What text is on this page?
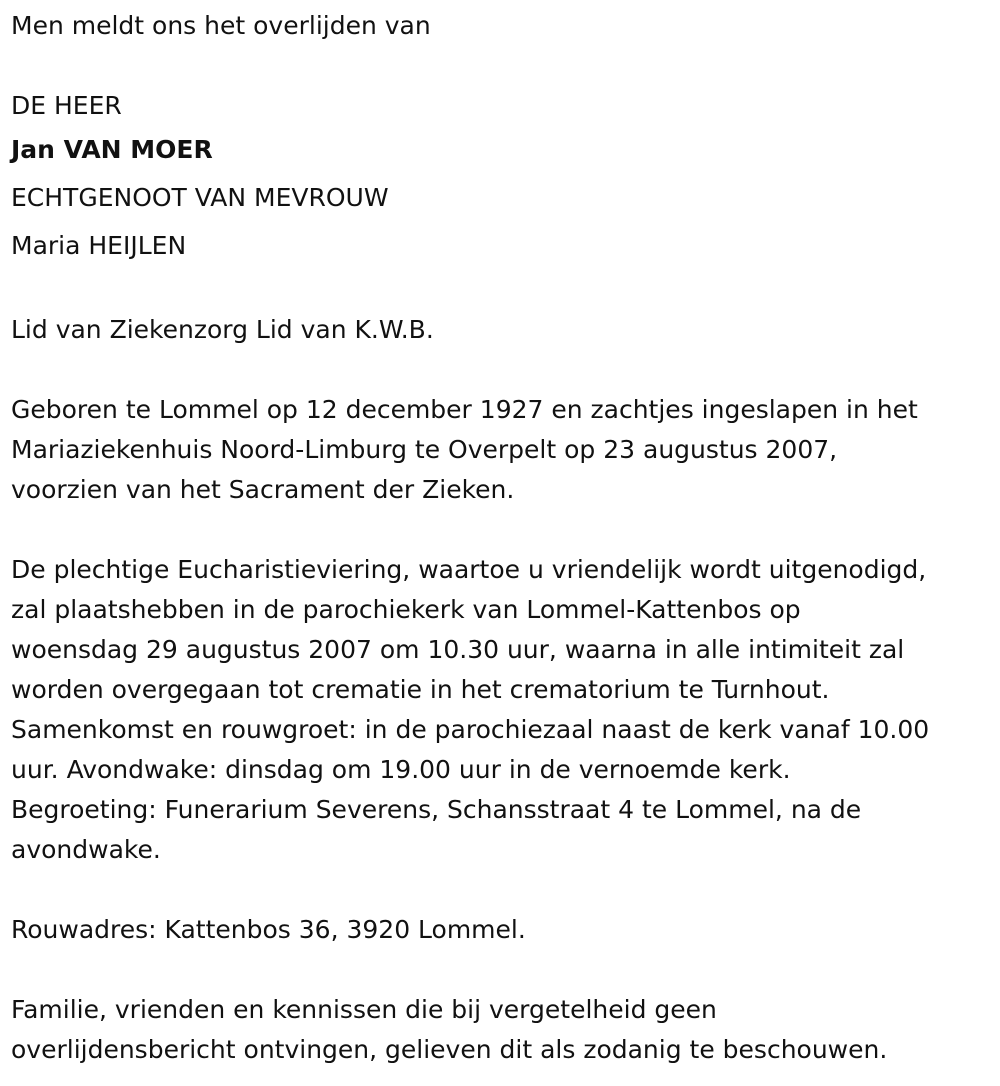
Men meldt ons het overlijden van
DE HEER
Jan VAN MOER
ECHTGENOOT VAN MEVROUW
Maria HEIJLEN
Lid van Ziekenzorg Lid van K.W.B.
Geboren te Lommel op 12 december 1927 en zachtjes ingeslapen in het
Mariaziekenhuis Noord-Limburg te Overpelt op 23 augustus 2007,
voorzien van het Sacrament der Zieken.
De plechtige Eucharistieviering, waartoe u vriendelijk wordt uitgenodigd,
zal plaatshebben in de parochiekerk van Lommel-Kattenbos op
woensdag 29 augustus 2007 om 10.30 uur, waarna in alle intimiteit zal
worden overgegaan tot crematie in het crematorium te Turnhout.
Samenkomst en rouwgroet: in de parochiezaal naast de kerk vanaf 10.00
uur. Avondwake: dinsdag om 19.00 uur in de vernoemde kerk.
Begroeting: Funerarium Severens, Schansstraat 4 te Lommel, na de
avondwake.
Rouwadres: Kattenbos 36, 3920 Lommel.
Familie, vrienden en kennissen die bij vergetelheid geen
overlijdensbericht ontvingen, gelieven dit als zodanig te beschouwen.
